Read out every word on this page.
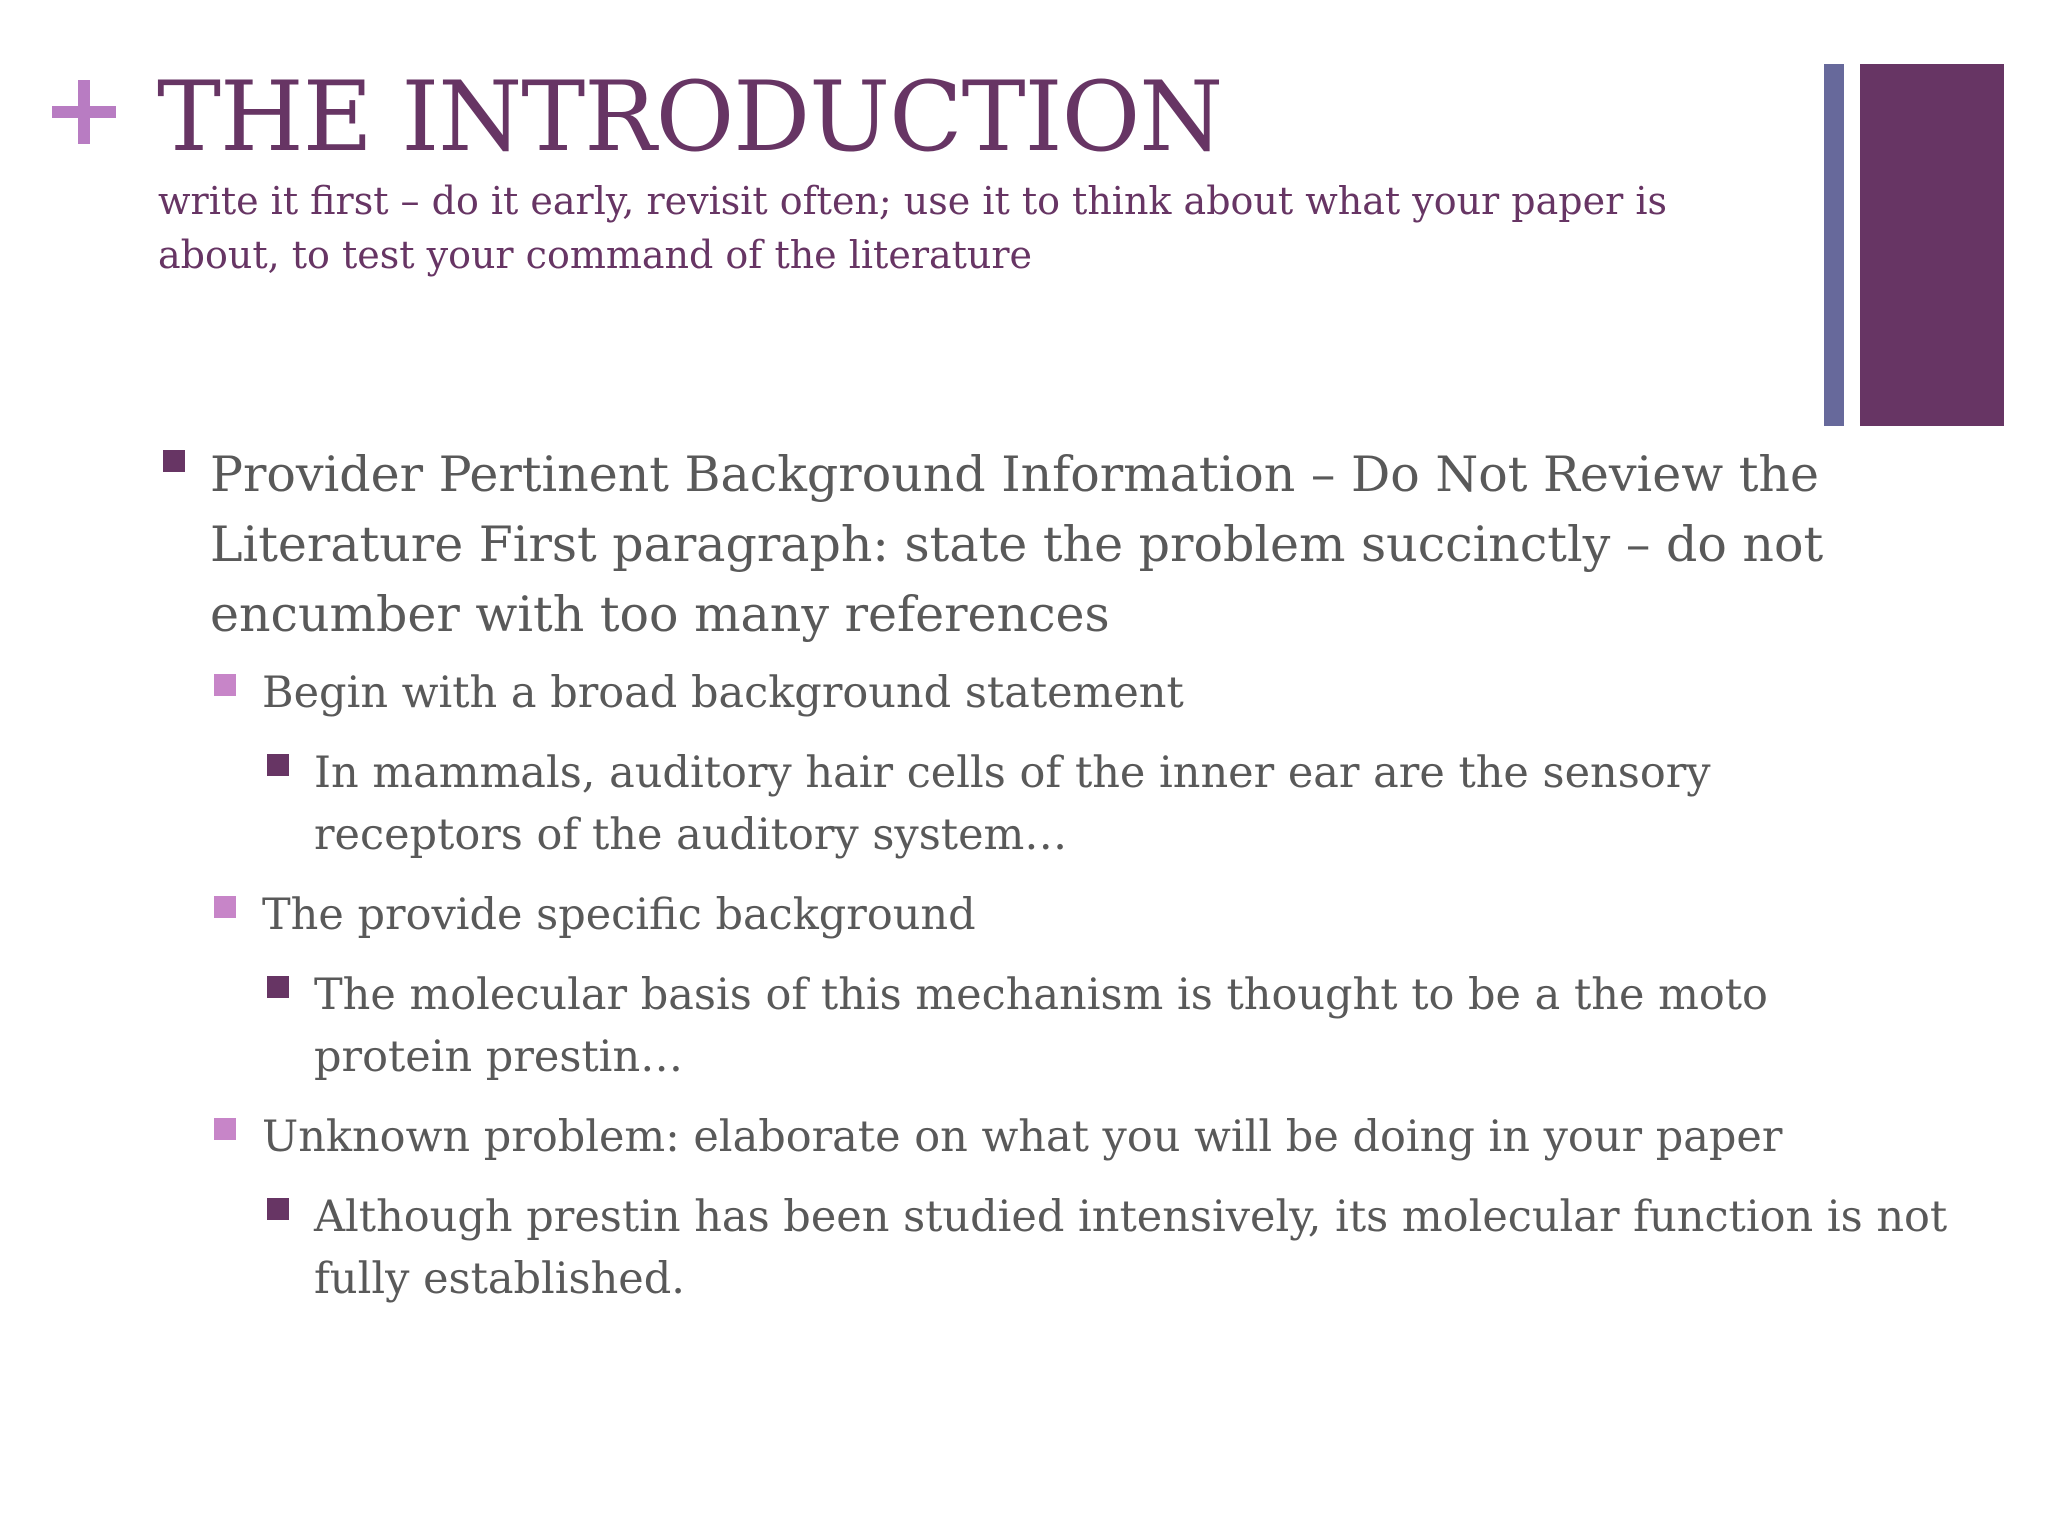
THE INTRODUCTION

write it first – do it early, revisit often; use it to think about what your paper is about, to test your command of the literature

Provider Pertinent Background Information – Do Not Review the Literature First paragraph: state the problem succinctly – do not encumber with too many references
Begin with a broad background statement
In mammals, auditory hair cells of the inner ear are the sensory receptors of the auditory system…
The provide specific background
The molecular basis of this mechanism is thought to be a the moto protein prestin…
Unknown problem: elaborate on what you will be doing in your paper
Although prestin has been studied intensively, its molecular function is not fully established.
